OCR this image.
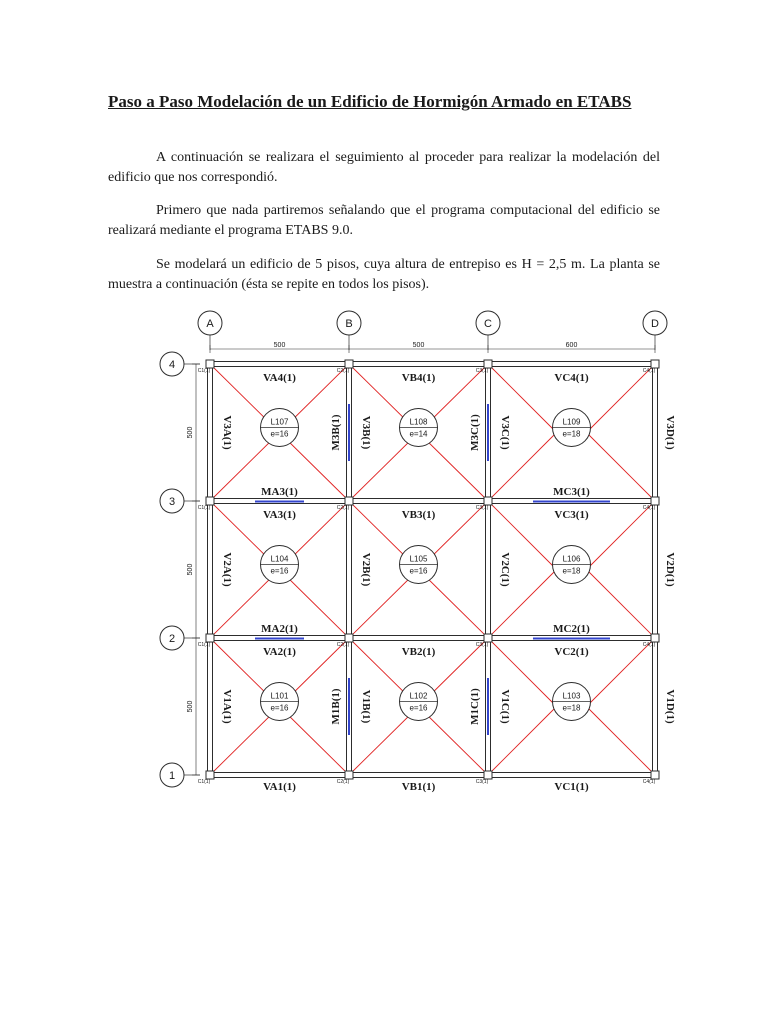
Paso a Paso Modelación de un Edificio de Hormigón Armado en ETABS
A continuación se realizara el seguimiento al proceder para realizar la modelación del edificio que nos correspondió.
Primero que nada partiremos señalando que el programa computacional del edificio se realizará mediante el programa ETABS 9.0.
Se modelará un edificio de 5 pisos, cuya altura de entrepiso es H = 2,5 m. La planta se muestra a continuación (ésta se repite en todos los pisos).
A	B	C	D
4
3
2
1
500	500	600
500
500
500
C1(1)	C2(1)	C3(1)	C4(1)
C1(1)	C2(1)	C3(1)	C4(1)
C1(1)	C2(1)	C3(1)	C4(1)
C1(1)	C2(1)	C3(1)	C4(1)
VA4(1)	VB4(1)	VC4(1)
VA3(1)	VB3(1)	VC3(1)
VA2(1)	VB2(1)	VC2(1)
VA1(1)	VB1(1)	VC1(1)
MA3(1)	MC3(1)
MA2(1)	MC2(1)
V3A(1)	V3B(1)	V3C(1)	V3D(1)
V2A(1)	V2B(1)	V2C(1)	V2D(1)
V1A(1)	V1B(1)	V1C(1)	V1D(1)
M3B(1)	M3C(1)
M1B(1)	M1C(1)
L107
e=16
L108
e=14
L109
e=18
L104
e=16
L105
e=16
L106
e=18
L101
e=16
L102
e=16
L103
e=18
